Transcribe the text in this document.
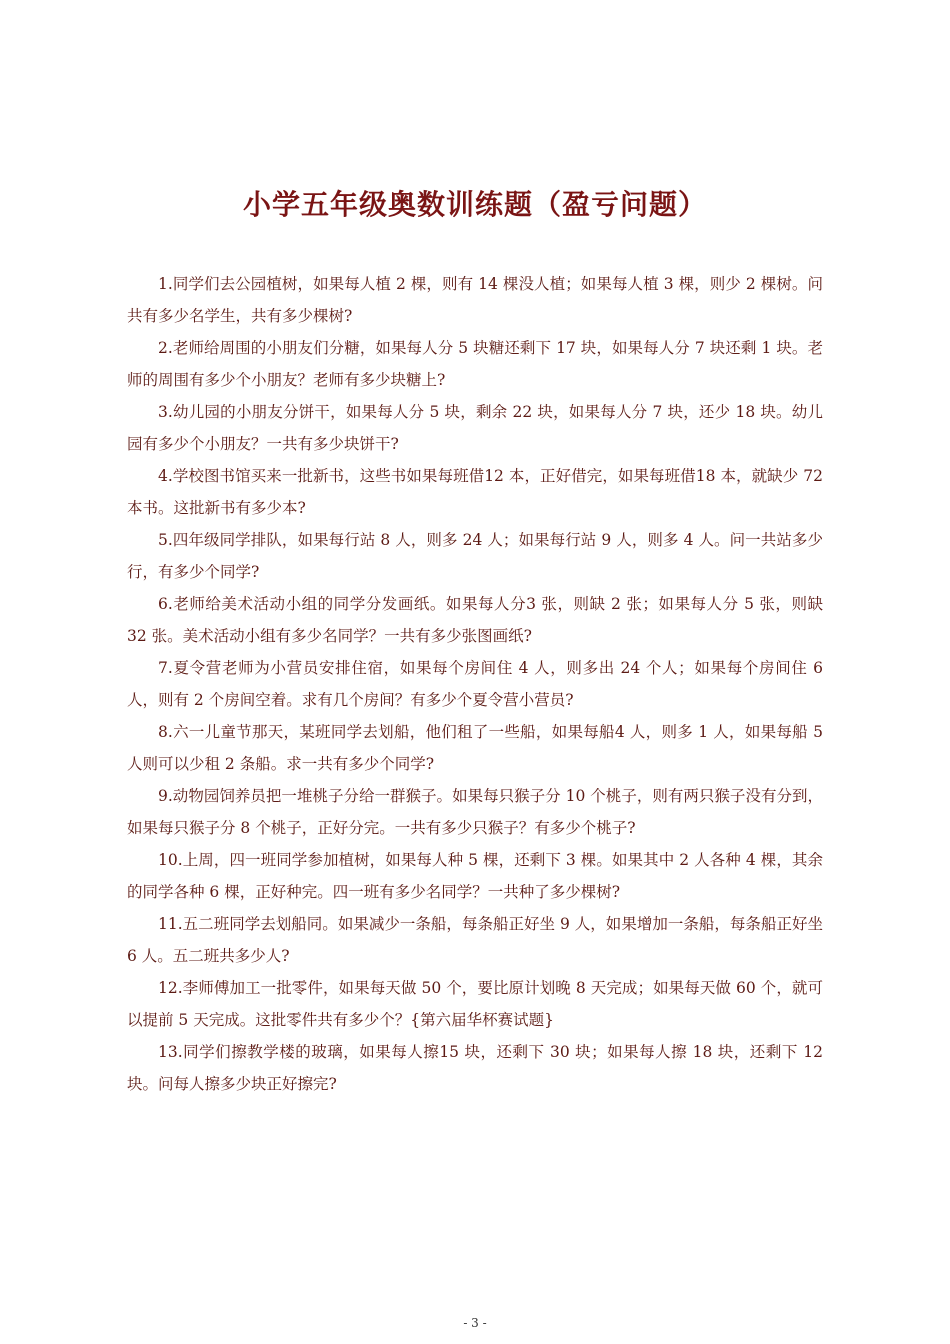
小学五年级奥数训练题（盈亏问题）
1.同学们去公园植树，如果每人植 2 棵，则有 14 棵没人植；如果每人植 3 棵，则少 2 棵树。问共有多少名学生，共有多少棵树?
2.老师给周围的小朋友们分糖，如果每人分 5 块糖还剩下 17 块，如果每人分 7 块还剩 1 块。老师的周围有多少个小朋友？老师有多少块糖上?
3.幼儿园的小朋友分饼干，如果每人分 5 块，剩余 22 块，如果每人分 7 块，还少 18 块。幼儿园有多少个小朋友？一共有多少块饼干?
4.学校图书馆买来一批新书，这些书如果每班借12 本，正好借完，如果每班借18 本，就缺少 72 本书。这批新书有多少本?
5.四年级同学排队，如果每行站 8 人，则多 24 人；如果每行站 9 人，则多 4 人。问一共站多少行，有多少个同学?
6.老师给美术活动小组的同学分发画纸。如果每人分3 张，则缺 2 张；如果每人分 5 张，则缺 32 张。美术活动小组有多少名同学？一共有多少张图画纸?
7.夏令营老师为小营员安排住宿，如果每个房间住 4 人，则多出 24 个人；如果每个房间住 6 人，则有 2 个房间空着。求有几个房间？有多少个夏令营小营员?
8.六一儿童节那天，某班同学去划船，他们租了一些船，如果每船4 人，则多 1 人，如果每船 5 人则可以少租 2 条船。求一共有多少个同学?
9.动物园饲养员把一堆桃子分给一群猴子。如果每只猴子分 10 个桃子，则有两只猴子没有分到，如果每只猴子分 8 个桃子，正好分完。一共有多少只猴子？有多少个桃子?
10.上周，四一班同学参加植树，如果每人种 5 棵，还剩下 3 棵。如果其中 2 人各种 4 棵，其余的同学各种 6 棵，正好种完。四一班有多少名同学？一共种了多少棵树?
11.五二班同学去划船同。如果减少一条船，每条船正好坐 9 人，如果增加一条船，每条船正好坐 6 人。五二班共多少人?
12.李师傅加工一批零件，如果每天做 50 个，要比原计划晚 8 天完成；如果每天做 60 个，就可以提前 5 天完成。这批零件共有多少个？{第六届华杯赛试题}
13.同学们擦教学楼的玻璃，如果每人擦15 块，还剩下 30 块；如果每人擦 18 块，还剩下 12 块。问每人擦多少块正好擦完?
- 3 -
